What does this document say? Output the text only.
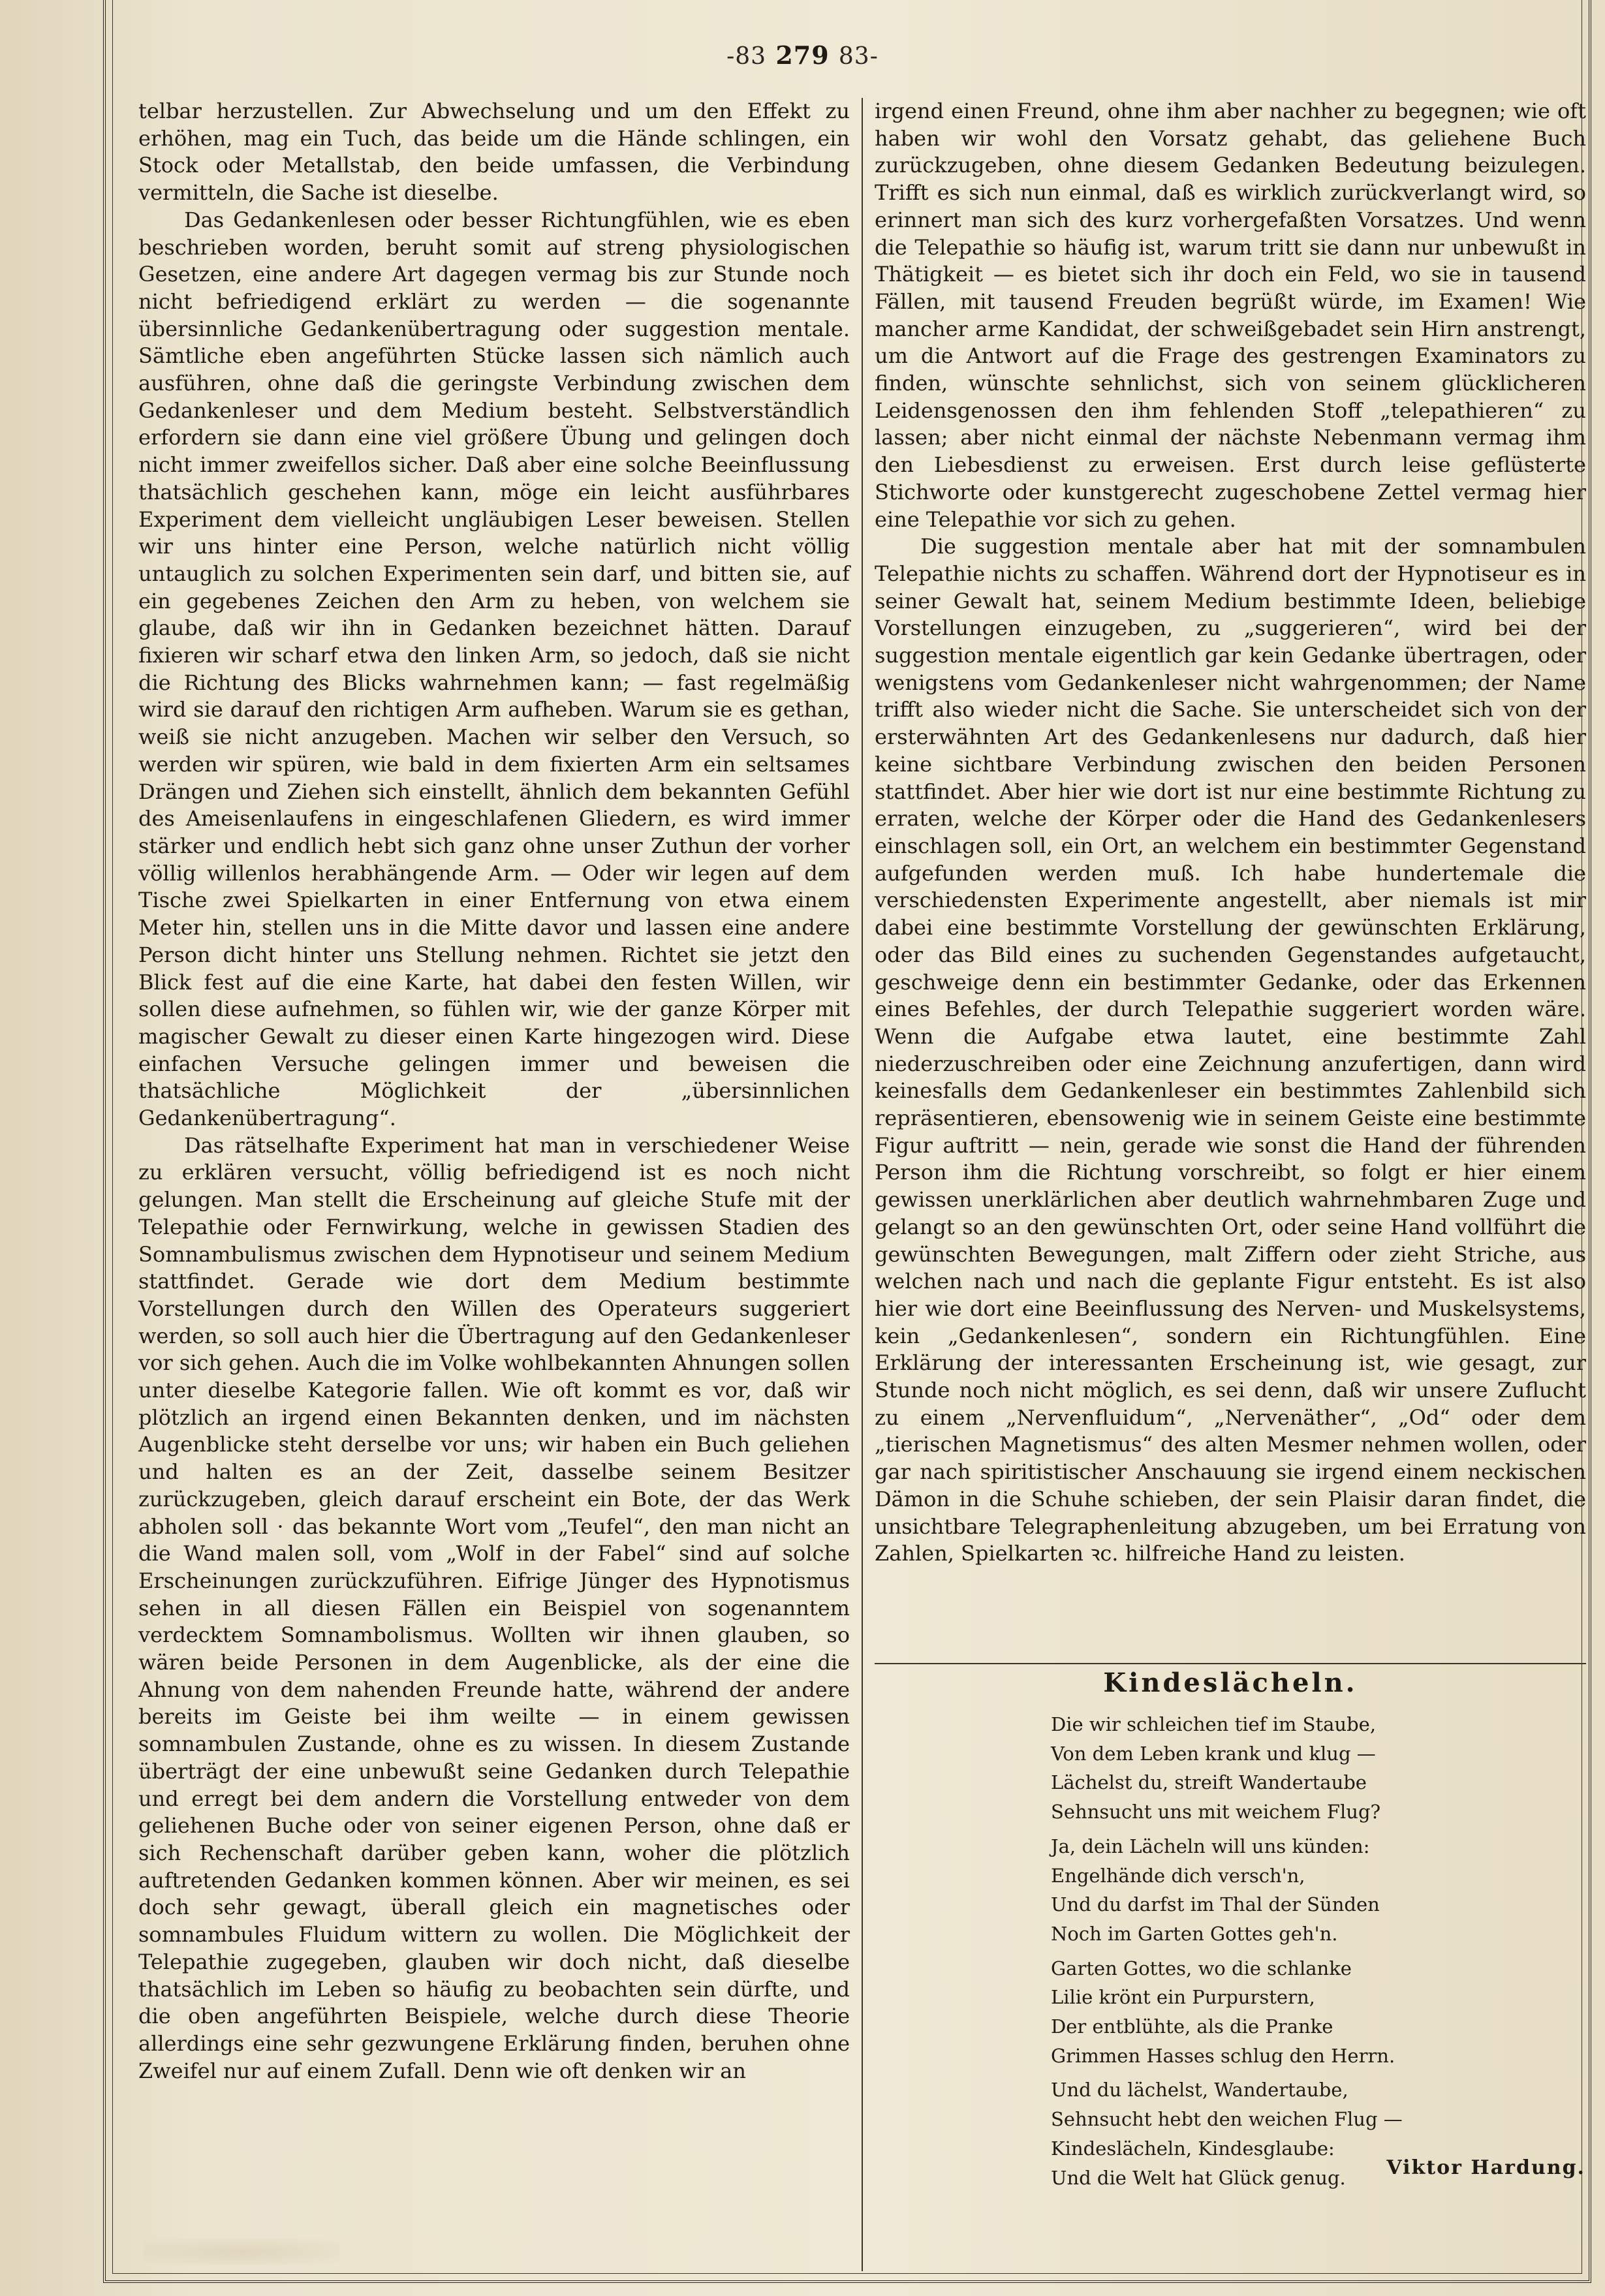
-83 279 83-

telbar herzustellen. Zur Abwechselung und um den Effekt zu erhöhen, mag ein Tuch, das beide um die Hände schlingen, ein Stock oder Metallstab, den beide umfassen, die Verbindung vermitteln, die Sache ist dieselbe.

Das Gedankenlesen oder besser Richtungfühlen, wie es eben beschrieben worden, beruht somit auf streng physiologischen Gesetzen, eine andere Art dagegen vermag bis zur Stunde noch nicht befriedigend erklärt zu werden — die sogenannte übersinnliche Gedankenübertragung oder suggestion mentale. Sämtliche eben angeführten Stücke lassen sich nämlich auch ausführen, ohne daß die geringste Verbindung zwischen dem Gedankenleser und dem Medium besteht. Selbstverständlich erfordern sie dann eine viel größere Übung und gelingen doch nicht immer zweifellos sicher. Daß aber eine solche Beeinflussung thatsächlich geschehen kann, möge ein leicht ausführbares Experiment dem vielleicht ungläubigen Leser beweisen. Stellen wir uns hinter eine Person, welche natürlich nicht völlig untauglich zu solchen Experimenten sein darf, und bitten sie, auf ein gegebenes Zeichen den Arm zu heben, von welchem sie glaube, daß wir ihn in Gedanken bezeichnet hätten. Darauf fixieren wir scharf etwa den linken Arm, so jedoch, daß sie nicht die Richtung des Blicks wahrnehmen kann; — fast regelmäßig wird sie darauf den richtigen Arm aufheben. Warum sie es gethan, weiß sie nicht anzugeben. Machen wir selber den Versuch, so werden wir spüren, wie bald in dem fixierten Arm ein seltsames Drängen und Ziehen sich einstellt, ähnlich dem bekannten Gefühl des Ameisenlaufens in eingeschlafenen Gliedern, es wird immer stärker und endlich hebt sich ganz ohne unser Zuthun der vorher völlig willenlos herabhängende Arm. — Oder wir legen auf dem Tische zwei Spielkarten in einer Entfernung von etwa einem Meter hin, stellen uns in die Mitte davor und lassen eine andere Person dicht hinter uns Stellung nehmen. Richtet sie jetzt den Blick fest auf die eine Karte, hat dabei den festen Willen, wir sollen diese aufnehmen, so fühlen wir, wie der ganze Körper mit magischer Gewalt zu dieser einen Karte hingezogen wird. Diese einfachen Versuche gelingen immer und beweisen die thatsächliche Möglichkeit der „übersinnlichen Gedankenübertragung“.

Das rätselhafte Experiment hat man in verschiedener Weise zu erklären versucht, völlig befriedigend ist es noch nicht gelungen. Man stellt die Erscheinung auf gleiche Stufe mit der Telepathie oder Fernwirkung, welche in gewissen Stadien des Somnambulismus zwischen dem Hypnotiseur und seinem Medium stattfindet. Gerade wie dort dem Medium bestimmte Vorstellungen durch den Willen des Operateurs suggeriert werden, so soll auch hier die Übertragung auf den Gedankenleser vor sich gehen. Auch die im Volke wohlbekannten Ahnungen sollen unter dieselbe Kategorie fallen. Wie oft kommt es vor, daß wir plötzlich an irgend einen Bekannten denken, und im nächsten Augenblicke steht derselbe vor uns; wir haben ein Buch geliehen und halten es an der Zeit, dasselbe seinem Besitzer zurückzugeben, gleich darauf erscheint ein Bote, der das Werk abholen soll · das bekannte Wort vom „Teufel“, den man nicht an die Wand malen soll, vom „Wolf in der Fabel“ sind auf solche Erscheinungen zurückzuführen. Eifrige Jünger des Hypnotismus sehen in all diesen Fällen ein Beispiel von sogenanntem verdecktem Somnambolismus. Wollten wir ihnen glauben, so wären beide Personen in dem Augenblicke, als der eine die Ahnung von dem nahenden Freunde hatte, während der andere bereits im Geiste bei ihm weilte — in einem gewissen somnambulen Zustande, ohne es zu wissen. In diesem Zustande überträgt der eine unbewußt seine Gedanken durch Telepathie und erregt bei dem andern die Vorstellung entweder von dem geliehenen Buche oder von seiner eigenen Person, ohne daß er sich Rechenschaft darüber geben kann, woher die plötzlich auftretenden Gedanken kommen können. Aber wir meinen, es sei doch sehr gewagt, überall gleich ein magnetisches oder somnambules Fluidum wittern zu wollen. Die Möglichkeit der Telepathie zugegeben, glauben wir doch nicht, daß dieselbe thatsächlich im Leben so häufig zu beobachten sein dürfte, und die oben angeführten Beispiele, welche durch diese Theorie allerdings eine sehr gezwungene Erklärung finden, beruhen ohne Zweifel nur auf einem Zufall. Denn wie oft denken wir an

irgend einen Freund, ohne ihm aber nachher zu begegnen; wie oft haben wir wohl den Vorsatz gehabt, das geliehene Buch zurückzugeben, ohne diesem Gedanken Bedeutung beizulegen. Trifft es sich nun einmal, daß es wirklich zurückverlangt wird, so erinnert man sich des kurz vorhergefaßten Vorsatzes. Und wenn die Telepathie so häufig ist, warum tritt sie dann nur unbewußt in Thätigkeit — es bietet sich ihr doch ein Feld, wo sie in tausend Fällen, mit tausend Freuden begrüßt würde, im Examen! Wie mancher arme Kandidat, der schweißgebadet sein Hirn anstrengt, um die Antwort auf die Frage des gestrengen Examinators zu finden, wünschte sehnlichst, sich von seinem glücklicheren Leidensgenossen den ihm fehlenden Stoff „telepathieren“ zu lassen; aber nicht einmal der nächste Nebenmann vermag ihm den Liebesdienst zu erweisen. Erst durch leise geflüsterte Stichworte oder kunstgerecht zugeschobene Zettel vermag hier eine Telepathie vor sich zu gehen.

Die suggestion mentale aber hat mit der somnambulen Telepathie nichts zu schaffen. Während dort der Hypnotiseur es in seiner Gewalt hat, seinem Medium bestimmte Ideen, beliebige Vorstellungen einzugeben, zu „suggerieren“, wird bei der suggestion mentale eigentlich gar kein Gedanke übertragen, oder wenigstens vom Gedankenleser nicht wahrgenommen; der Name trifft also wieder nicht die Sache. Sie unterscheidet sich von der ersterwähnten Art des Gedankenlesens nur dadurch, daß hier keine sichtbare Verbindung zwischen den beiden Personen stattfindet. Aber hier wie dort ist nur eine bestimmte Richtung zu erraten, welche der Körper oder die Hand des Gedankenlesers einschlagen soll, ein Ort, an welchem ein bestimmter Gegenstand aufgefunden werden muß. Ich habe hundertemale die verschiedensten Experimente angestellt, aber niemals ist mir dabei eine bestimmte Vorstellung der gewünschten Erklärung, oder das Bild eines zu suchenden Gegenstandes aufgetaucht, geschweige denn ein bestimmter Gedanke, oder das Erkennen eines Befehles, der durch Telepathie suggeriert worden wäre. Wenn die Aufgabe etwa lautet, eine bestimmte Zahl niederzuschreiben oder eine Zeichnung anzufertigen, dann wird keinesfalls dem Gedankenleser ein bestimmtes Zahlenbild sich repräsentieren, ebensowenig wie in seinem Geiste eine bestimmte Figur auftritt — nein, gerade wie sonst die Hand der führenden Person ihm die Richtung vorschreibt, so folgt er hier einem gewissen unerklärlichen aber deutlich wahrnehmbaren Zuge und gelangt so an den gewünschten Ort, oder seine Hand vollführt die gewünschten Bewegungen, malt Ziffern oder zieht Striche, aus welchen nach und nach die geplante Figur entsteht. Es ist also hier wie dort eine Beeinflussung des Nerven- und Muskelsystems, kein „Gedankenlesen“, sondern ein Richtungfühlen. Eine Erklärung der interessanten Erscheinung ist, wie gesagt, zur Stunde noch nicht möglich, es sei denn, daß wir unsere Zuflucht zu einem „Nervenfluidum“, „Nervenäther“, „Od“ oder dem „tierischen Magnetismus“ des alten Mesmer nehmen wollen, oder gar nach spiritistischer Anschauung sie irgend einem neckischen Dämon in die Schuhe schieben, der sein Plaisir daran findet, die unsichtbare Telegraphenleitung abzugeben, um bei Erratung von Zahlen, Spielkarten ꝛc. hilfreiche Hand zu leisten.

Kindeslächeln.
Die wir schleichen tief im Staube,
Von dem Leben krank und klug —
Lächelst du, streift Wandertaube
Sehnsucht uns mit weichem Flug?
Ja, dein Lächeln will uns künden:
Engelhände dich versch'n,
Und du darfst im Thal der Sünden
Noch im Garten Gottes geh'n.
Garten Gottes, wo die schlanke
Lilie krönt ein Purpurstern,
Der entblühte, als die Pranke
Grimmen Hasses schlug den Herrn.
Und du lächelst, Wandertaube,
Sehnsucht hebt den weichen Flug —
Kindeslächeln, Kindesglaube:
Und die Welt hat Glück genug.	Viktor Hardung.
